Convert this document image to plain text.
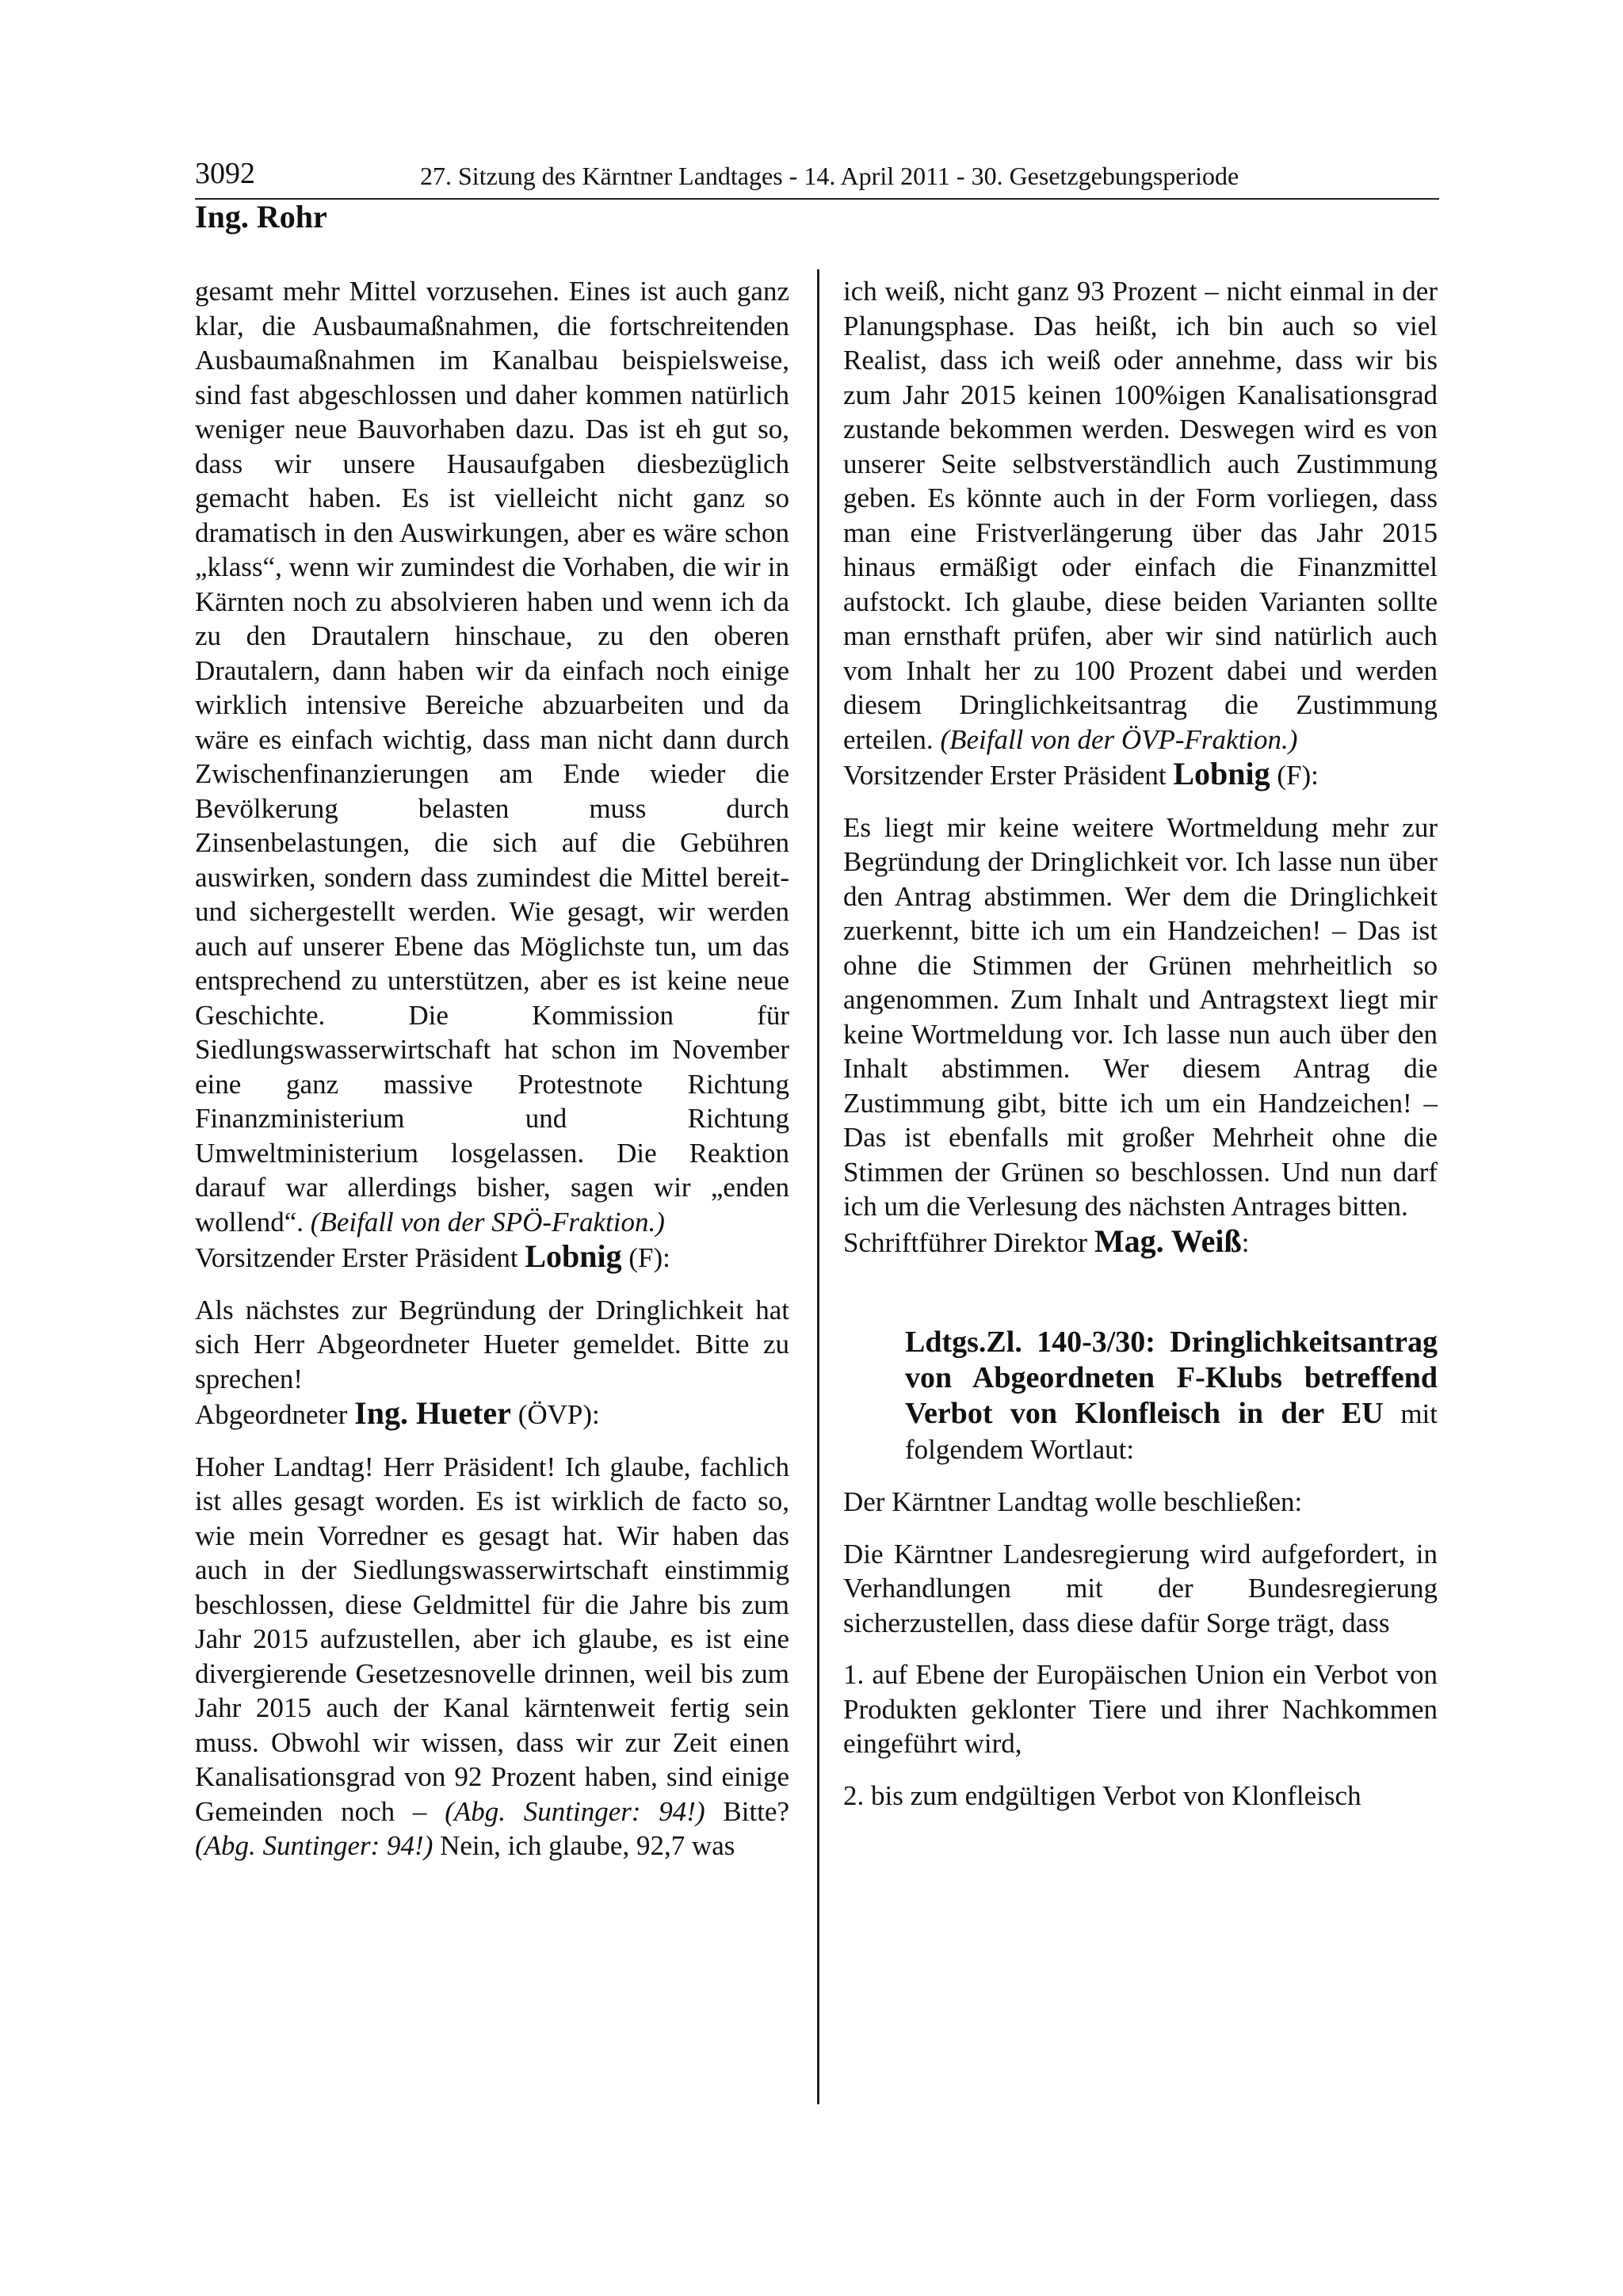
3092	27. Sitzung des Kärntner Landtages - 14. April 2011 - 30. Gesetzgebungsperiode
Ing. Rohr

gesamt mehr Mittel vorzusehen. Eines ist auch ganz klar, die Ausbaumaßnahmen, die fortschreitenden Ausbaumaßnahmen im Kanalbau beispielsweise, sind fast abgeschlossen und daher kommen natürlich weniger neue Bauvorhaben dazu. Das ist eh gut so, dass wir unsere Hausaufgaben diesbezüglich gemacht haben. Es ist vielleicht nicht ganz so dramatisch in den Auswirkungen, aber es wäre schon „klass“, wenn wir zumindest die Vorhaben, die wir in Kärnten noch zu absolvieren haben und wenn ich da zu den Drautalern hinschaue, zu den oberen Drautalern, dann haben wir da einfach noch einige wirklich intensive Bereiche abzuarbeiten und da wäre es einfach wichtig, dass man nicht dann durch Zwischenfinanzierungen am Ende wieder die Bevölkerung belasten muss durch Zinsenbelastungen, die sich auf die Gebühren auswirken, sondern dass zumindest die Mittel bereit- und sichergestellt werden. Wie gesagt, wir werden auch auf unserer Ebene das Möglichste tun, um das entsprechend zu unterstützen, aber es ist keine neue Geschichte. Die Kommission für Siedlungswasserwirtschaft hat schon im November eine ganz massive Protestnote Richtung Finanzministerium und Richtung Umweltministerium losgelassen. Die Reaktion darauf war allerdings bisher, sagen wir „enden wollend“. (Beifall von der SPÖ-Fraktion.)

Vorsitzender Erster Präsident Lobnig (F):

Als nächstes zur Begründung der Dringlichkeit hat sich Herr Abgeordneter Hueter gemeldet. Bitte zu sprechen!

Abgeordneter Ing. Hueter (ÖVP):

Hoher Landtag! Herr Präsident! Ich glaube, fachlich ist alles gesagt worden. Es ist wirklich de facto so, wie mein Vorredner es gesagt hat. Wir haben das auch in der Siedlungswasserwirtschaft einstimmig beschlossen, diese Geldmittel für die Jahre bis zum Jahr 2015 aufzustellen, aber ich glaube, es ist eine divergierende Gesetzesnovelle drinnen, weil bis zum Jahr 2015 auch der Kanal kärntenweit fertig sein muss. Obwohl wir wissen, dass wir zur Zeit einen Kanalisationsgrad von 92 Prozent haben, sind einige Gemeinden noch – (Abg. Suntinger: 94!) Bitte? (Abg. Suntinger: 94!) Nein, ich glaube, 92,7 was

ich weiß, nicht ganz 93 Prozent – nicht einmal in der Planungsphase. Das heißt, ich bin auch so viel Realist, dass ich weiß oder annehme, dass wir bis zum Jahr 2015 keinen 100%igen Kanalisationsgrad zustande bekommen werden. Deswegen wird es von unserer Seite selbstverständlich auch Zustimmung geben. Es könnte auch in der Form vorliegen, dass man eine Fristverlängerung über das Jahr 2015 hinaus ermäßigt oder einfach die Finanzmittel aufstockt. Ich glaube, diese beiden Varianten sollte man ernsthaft prüfen, aber wir sind natürlich auch vom Inhalt her zu 100 Prozent dabei und werden diesem Dringlichkeitsantrag die Zustimmung erteilen. (Beifall von der ÖVP-Fraktion.)

Vorsitzender Erster Präsident Lobnig (F):

Es liegt mir keine weitere Wortmeldung mehr zur Begründung der Dringlichkeit vor. Ich lasse nun über den Antrag abstimmen. Wer dem die Dringlichkeit zuerkennt, bitte ich um ein Handzeichen! – Das ist ohne die Stimmen der Grünen mehrheitlich so angenommen. Zum Inhalt und Antragstext liegt mir keine Wortmeldung vor. Ich lasse nun auch über den Inhalt abstimmen. Wer diesem Antrag die Zustimmung gibt, bitte ich um ein Handzeichen! – Das ist ebenfalls mit großer Mehrheit ohne die Stimmen der Grünen so beschlossen. Und nun darf ich um die Verlesung des nächsten Antrages bitten.

Schriftführer Direktor Mag. Weiß:

Ldtgs.Zl. 140-3/30: Dringlichkeitsantrag von Abgeordneten F-Klubs betreffend Verbot von Klonfleisch in der EU mit folgendem Wortlaut:

Der Kärntner Landtag wolle beschließen:

Die Kärntner Landesregierung wird aufgefordert, in Verhandlungen mit der Bundesregierung sicherzustellen, dass diese dafür Sorge trägt, dass

1. auf Ebene der Europäischen Union ein Verbot von Produkten geklonter Tiere und ihrer Nachkommen eingeführt wird,

2. bis zum endgültigen Verbot von Klonfleisch
